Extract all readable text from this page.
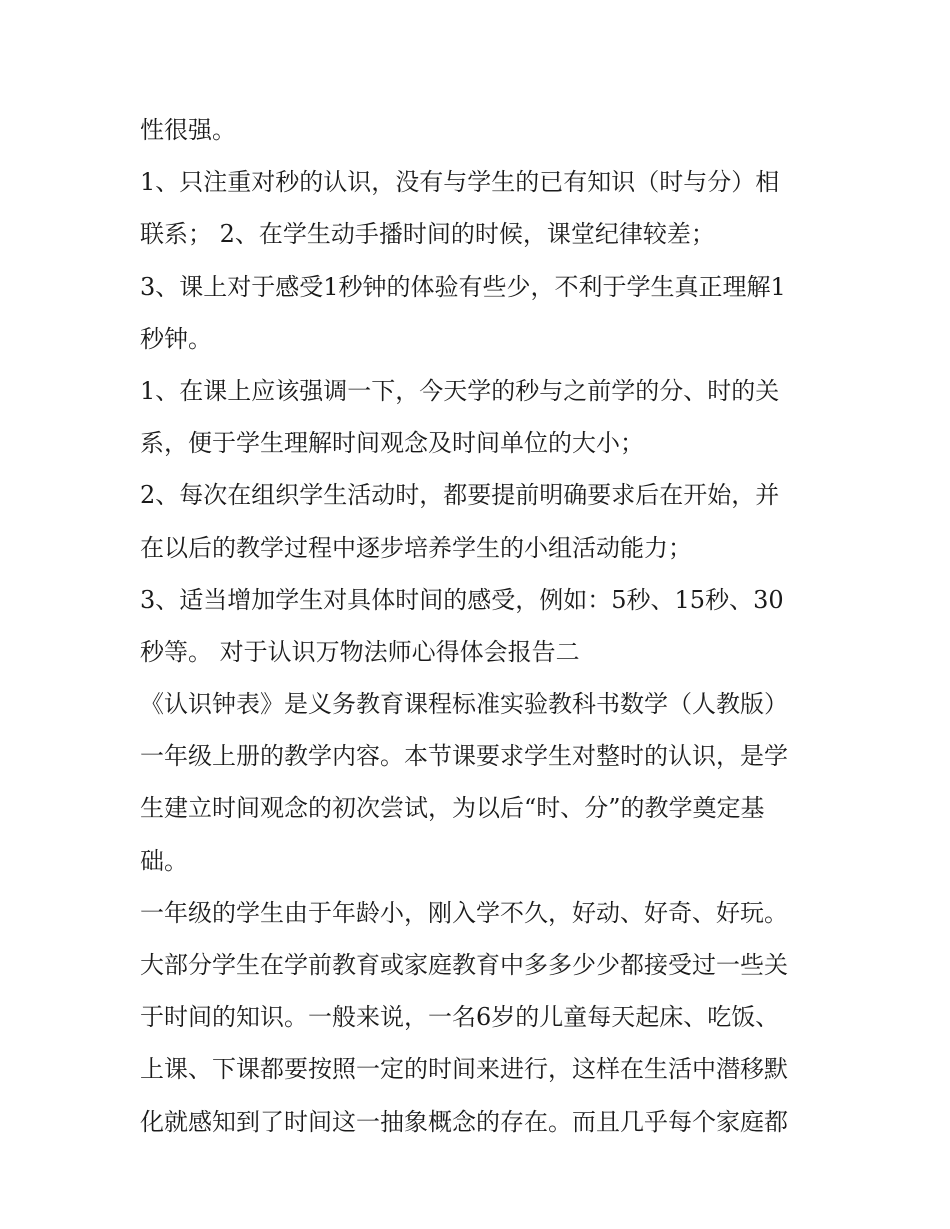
性很强。
1、只注重对秒的认识，没有与学生的已有知识（时与分）相
联系； 2、在学生动手播时间的时候，课堂纪律较差；
3、课上对于感受1秒钟的体验有些少，不利于学生真正理解1
秒钟。
1、在课上应该强调一下，今天学的秒与之前学的分、时的关
系，便于学生理解时间观念及时间单位的大小；
2、每次在组织学生活动时，都要提前明确要求后在开始，并
在以后的教学过程中逐步培养学生的小组活动能力；
3、适当增加学生对具体时间的感受，例如：5秒、15秒、30
秒等。 对于认识万物法师心得体会报告二
《认识钟表》是义务教育课程标准实验教科书数学（人教版）
一年级上册的教学内容。本节课要求学生对整时的认识，是学
生建立时间观念的初次尝试，为以后“时、分”的教学奠定基
础。
一年级的学生由于年龄小，刚入学不久，好动、好奇、好玩。
大部分学生在学前教育或家庭教育中多多少少都接受过一些关
于时间的知识。一般来说，一名6岁的儿童每天起床、吃饭、
上课、下课都要按照一定的时间来进行，这样在生活中潜移默
化就感知到了时间这一抽象概念的存在。而且几乎每个家庭都
